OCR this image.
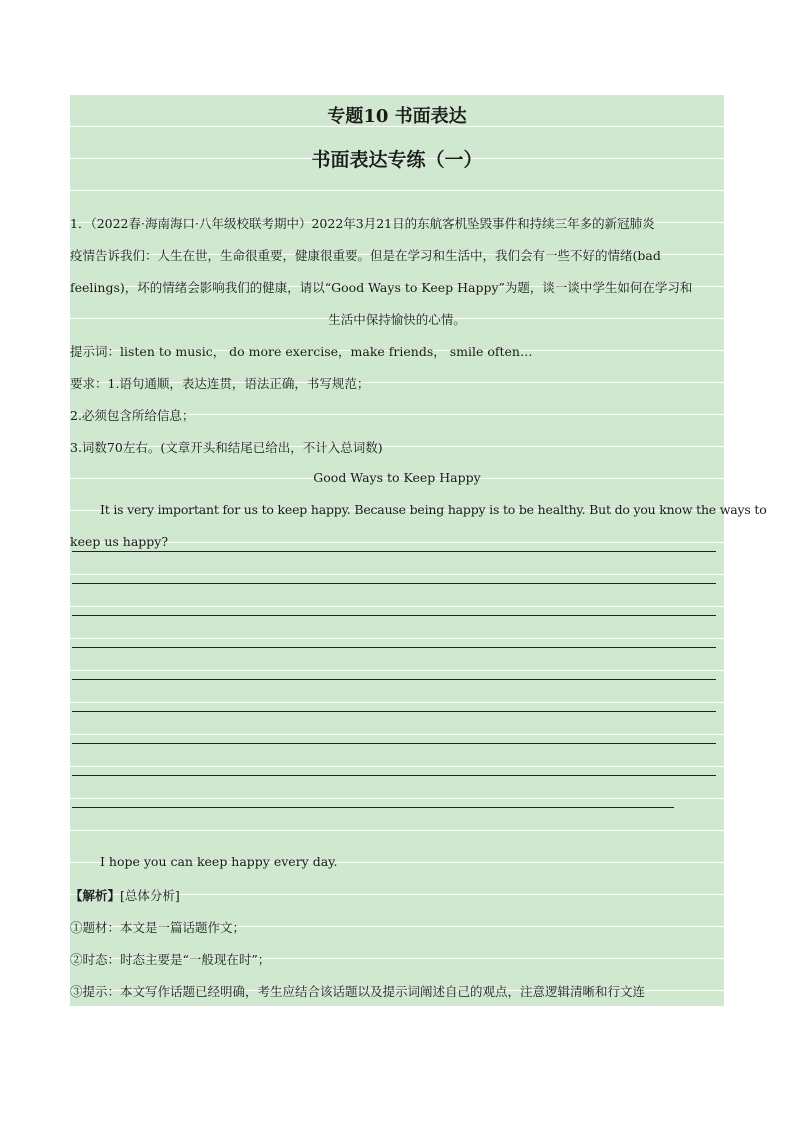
专题10 书面表达
书面表达专练（一）
1．（2022春·海南海口·八年级校联考期中）2022年3月21日的东航客机坠毁事件和持续三年多的新冠肺炎
疫情告诉我们：人生在世，生命很重要，健康很重要。但是在学习和生活中，我们会有一些不好的情绪(bad
feelings)，坏的情绪会影响我们的健康，请以“Good Ways to Keep Happy”为题，谈一谈中学生如何在学习和
生活中保持愉快的心情。
提示词：listen to music， do more exercise，make friends， smile often…
要求：1.语句通顺，表达连贯，语法正确，书写规范；
2.必须包含所给信息；
3.词数70左右。(文章开头和结尾已给出，不计入总词数)
Good Ways to Keep Happy
It is very important for us to keep happy. Because being happy is to be healthy. But do you know the ways to
keep us happy?
I hope you can keep happy every day.
【解析】[总体分析]
①题材：本文是一篇话题作文；
②时态：时态主要是“一般现在时”；
③提示：本文写作话题已经明确，考生应结合该话题以及提示词阐述自己的观点，注意逻辑清晰和行文连
